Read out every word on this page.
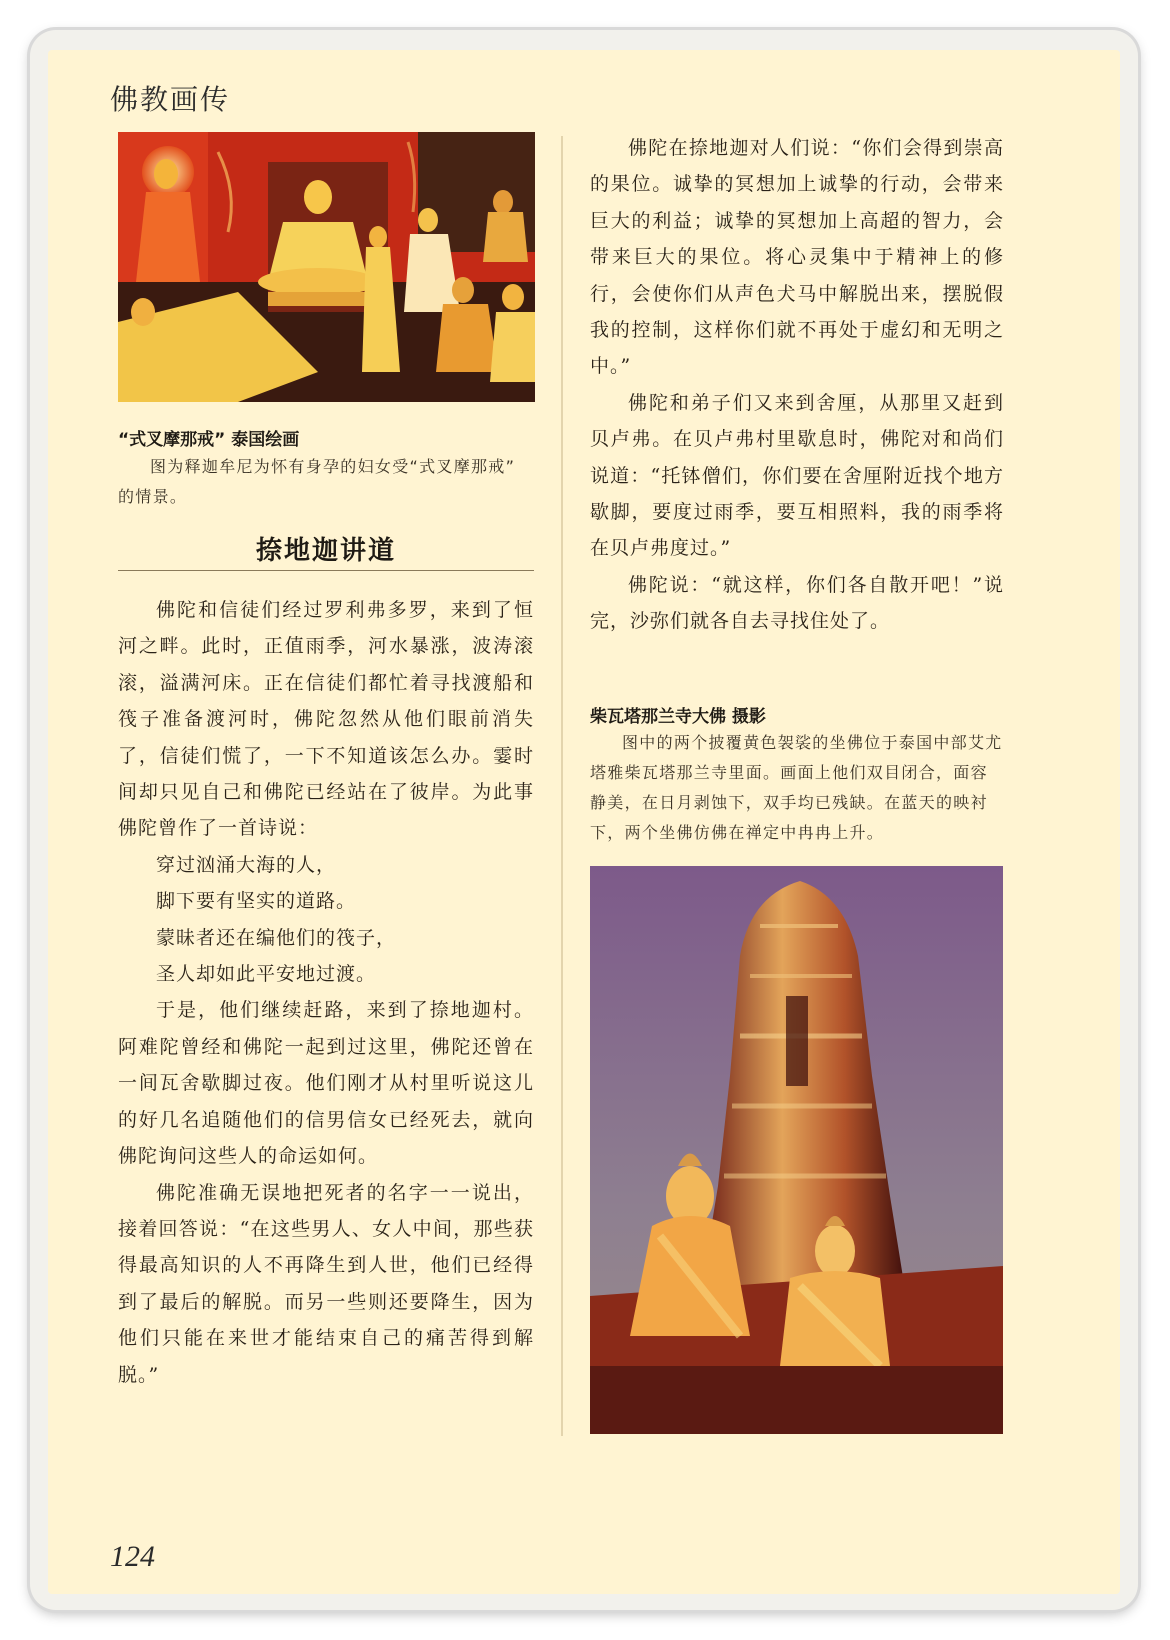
佛教画传
“式叉摩那戒” 泰国绘画

图为释迦牟尼为怀有身孕的妇女受“式叉摩那戒” 的情景。

捺地迦讲道

佛陀和信徒们经过罗利弗多罗，来到了恒河之畔。此时，正值雨季，河水暴涨，波涛滚滚，溢满河床。正在信徒们都忙着寻找渡船和筏子准备渡河时，佛陀忽然从他们眼前消失了，信徒们慌了，一下不知道该怎么办。霎时间却只见自己和佛陀已经站在了彼岸。为此事佛陀曾作了一首诗说：

穿过汹涌大海的人，

脚下要有坚实的道路。

蒙昧者还在编他们的筏子，

圣人却如此平安地过渡。

于是，他们继续赶路，来到了捺地迦村。阿难陀曾经和佛陀一起到过这里，佛陀还曾在一间瓦舍歇脚过夜。他们刚才从村里听说这儿的好几名追随他们的信男信女已经死去，就向佛陀询问这些人的命运如何。

佛陀准确无误地把死者的名字一一说出，接着回答说：“在这些男人、女人中间，那些获得最高知识的人不再降生到人世，他们已经得到了最后的解脱。而另一些则还要降生，因为他们只能在来世才能结束自己的痛苦得到解脱。”

佛陀在捺地迦对人们说：“你们会得到崇高的果位。诚挚的冥想加上诚挚的行动，会带来巨大的利益；诚挚的冥想加上高超的智力，会带来巨大的果位。将心灵集中于精神上的修行，会使你们从声色犬马中解脱出来，摆脱假我的控制，这样你们就不再处于虚幻和无明之中。”

佛陀和弟子们又来到舍厘，从那里又赶到贝卢弗。在贝卢弗村里歇息时，佛陀对和尚们说道：“托钵僧们，你们要在舍厘附近找个地方歇脚，要度过雨季，要互相照料，我的雨季将在贝卢弗度过。”

佛陀说：“就这样，你们各自散开吧！”说完，沙弥们就各自去寻找住处了。

柴瓦塔那兰寺大佛 摄影

图中的两个披覆黄色袈裟的坐佛位于泰国中部艾尤塔雅柴瓦塔那兰寺里面。画面上他们双目闭合，面容静美，在日月剥蚀下，双手均已残缺。在蓝天的映衬下，两个坐佛仿佛在禅定中冉冉上升。

124
